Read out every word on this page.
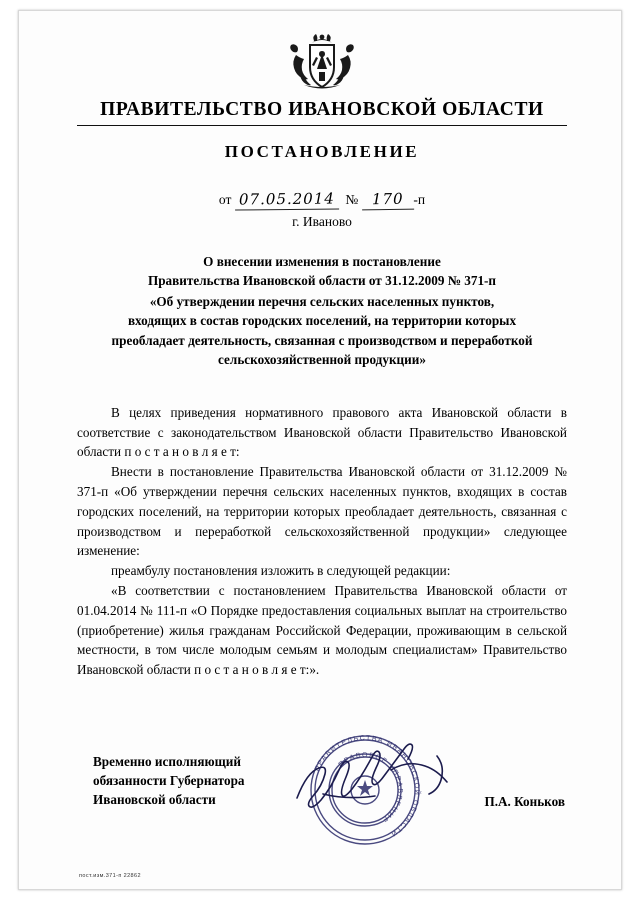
ПРАВИТЕЛЬСТВО ИВАНОВСКОЙ ОБЛАСТИ
ПОСТАНОВЛЕНИЕ
от 07.05.2014 № 170 -п
г. Иваново
О внесении изменения в постановление
Правительства Ивановской области от 31.12.2009 № 371-п
«Об утверждении перечня сельских населенных пунктов,
входящих в состав городских поселений, на территории которых
преобладает деятельность, связанная с производством и переработкой
сельскохозяйственной продукции»

В целях приведения нормативного правового акта Ивановской области в соответствие с законодательством Ивановской области Правительство Ивановской области п о с т а н о в л я е т:

Внести в постановление Правительства Ивановской области от 31.12.2009 № 371-п «Об утверждении перечня сельских населенных пунктов, входящих в состав городских поселений, на территории которых преобладает деятельность, связанная с производством и переработкой сельскохозяйственной продукции» следующее изменение:

преамбулу постановления изложить в следующей редакции:

«В соответствии с постановлением Правительства Ивановской области от 01.04.2014 № 111-п «О Порядке предоставления социальных выплат на строительство (приобретение) жилья гражданам Российской Федерации, проживающим в сельской местности, в том числе молодым семьям и молодым специалистам» Правительство Ивановской области п о с т а н о в л я е т:».

Временно исполняющий
обязанности Губернатора
Ивановской области
ПРАВИТЕЛЬСТВА ИВАНОВСКОЙ ОБЛАСТИ
ПРАВОВОЕ УПРАВЛЕНИЕ
П.А. Коньков
пост.изм.371-п 22862
